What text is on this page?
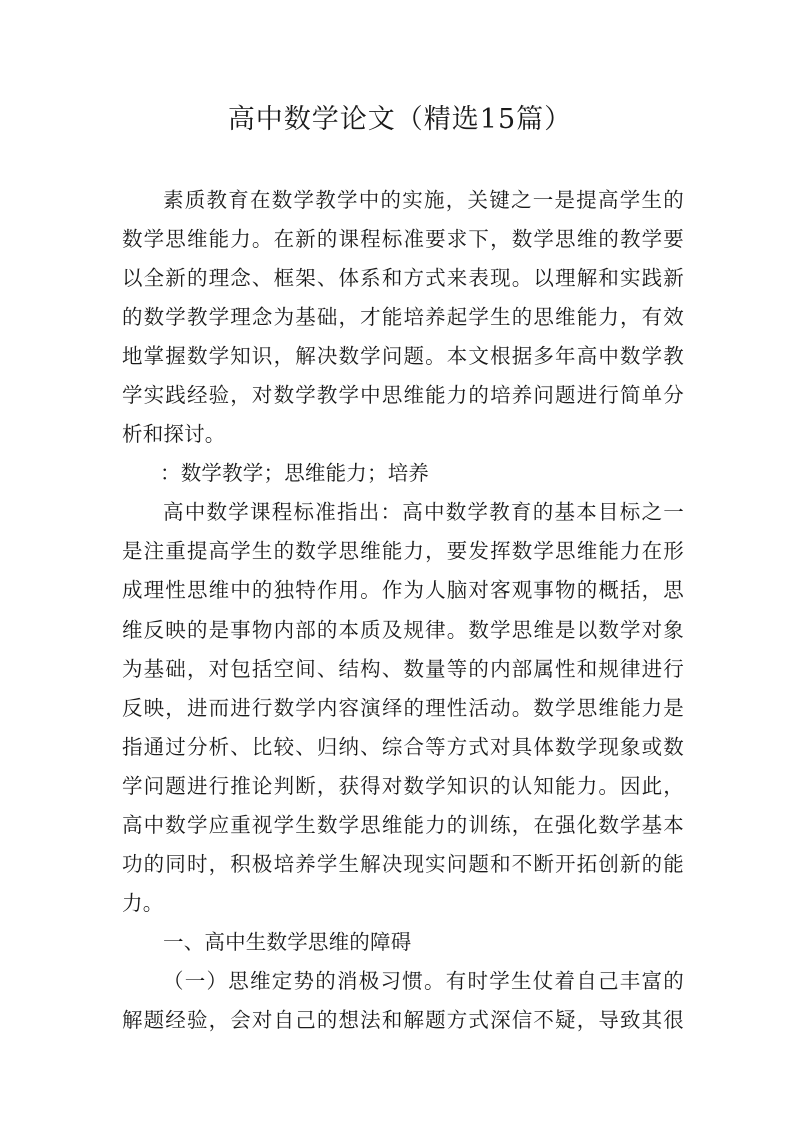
高中数学论文（精选15篇）
素质教育在数学教学中的实施，关键之一是提高学生的
数学思维能力。在新的课程标准要求下，数学思维的教学要
以全新的理念、框架、体系和方式来表现。以理解和实践新
的数学教学理念为基础，才能培养起学生的思维能力，有效
地掌握数学知识，解决数学问题。本文根据多年高中数学教
学实践经验，对数学教学中思维能力的培养问题进行简单分
析和探讨。
：数学教学；思维能力；培养
高中数学课程标准指出：高中数学教育的基本目标之一
是注重提高学生的数学思维能力，要发挥数学思维能力在形
成理性思维中的独特作用。作为人脑对客观事物的概括，思
维反映的是事物内部的本质及规律。数学思维是以数学对象
为基础，对包括空间、结构、数量等的内部属性和规律进行
反映，进而进行数学内容演绎的理性活动。数学思维能力是
指通过分析、比较、归纳、综合等方式对具体数学现象或数
学问题进行推论判断，获得对数学知识的认知能力。因此，
高中数学应重视学生数学思维能力的训练，在强化数学基本
功的同时，积极培养学生解决现实问题和不断开拓创新的能
力。
一、高中生数学思维的障碍
（一）思维定势的消极习惯。有时学生仗着自己丰富的
解题经验，会对自己的想法和解题方式深信不疑，导致其很
